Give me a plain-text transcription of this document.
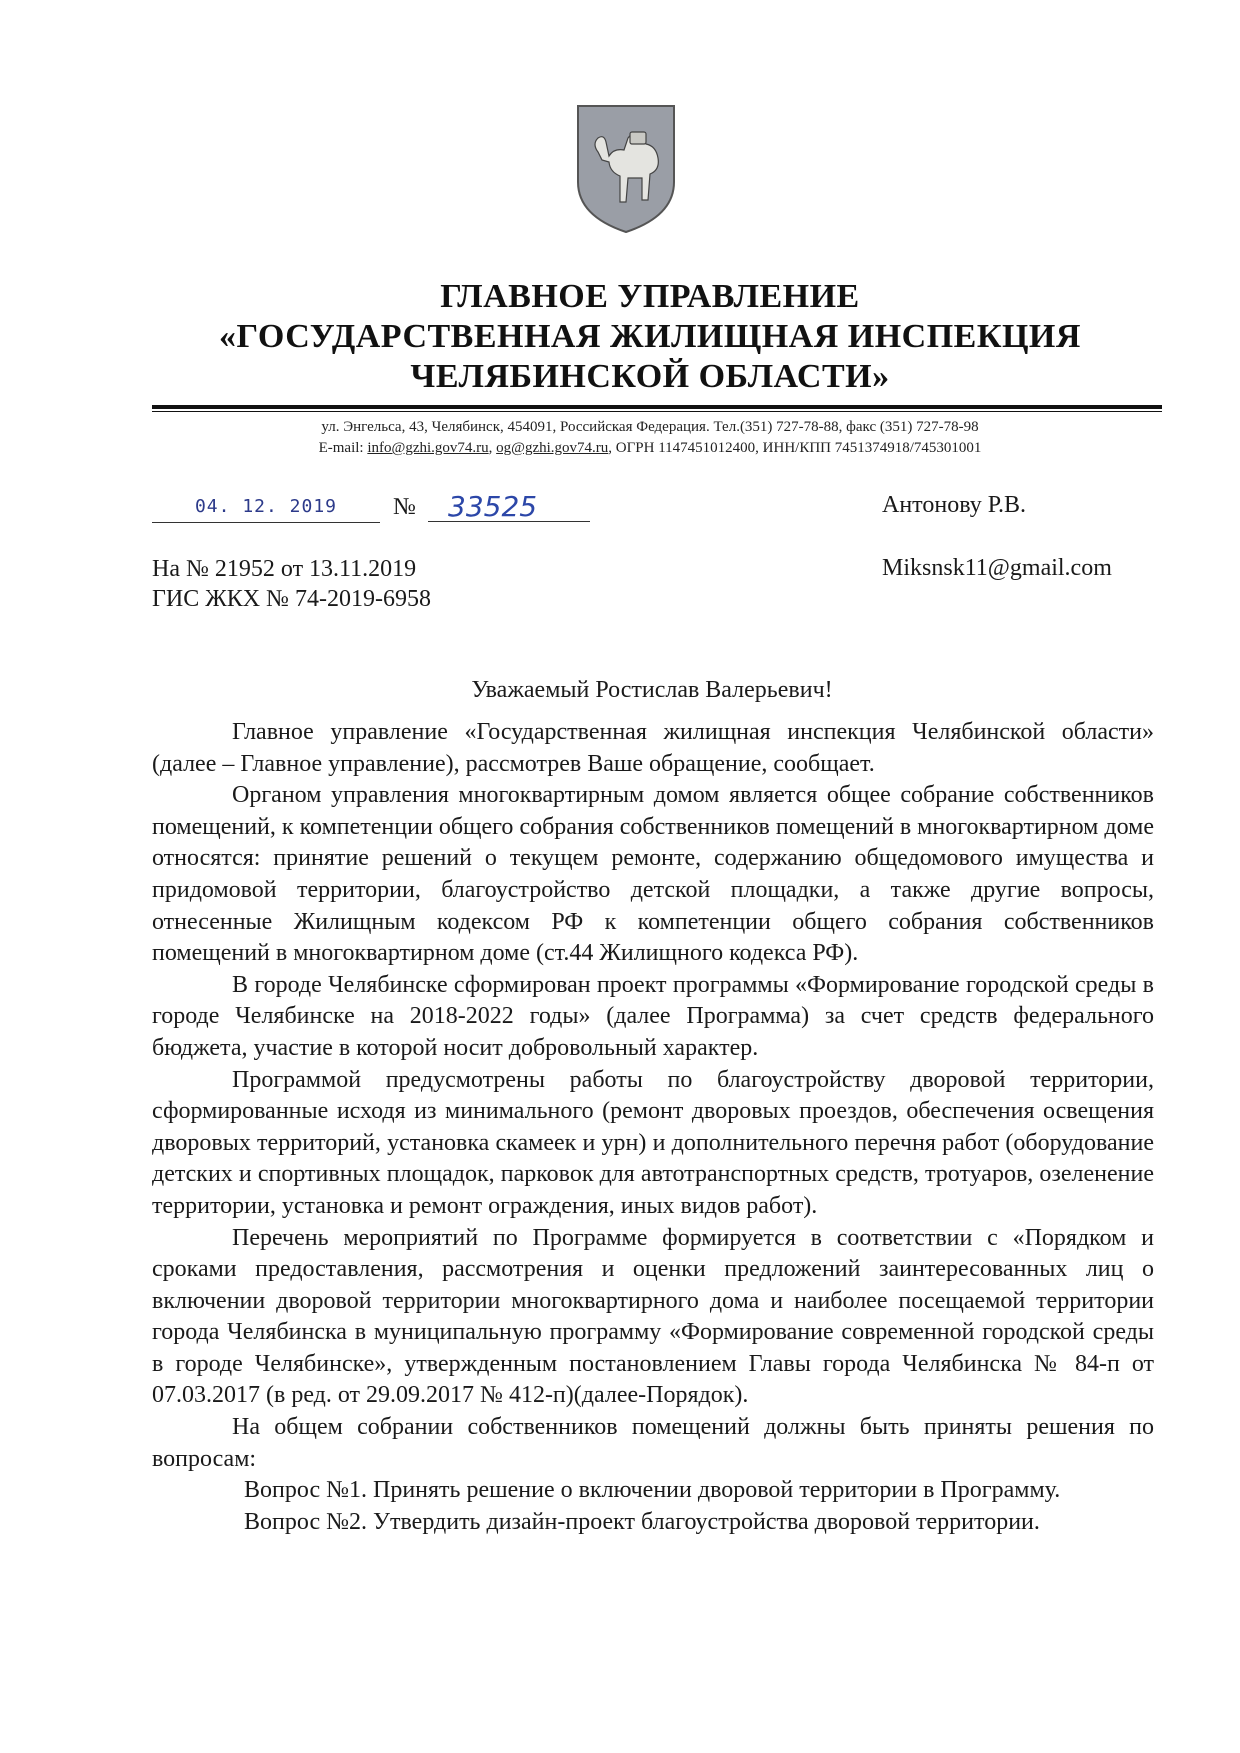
ГЛАВНОЕ УПРАВЛЕНИЕ
«ГОСУДАРСТВЕННАЯ ЖИЛИЩНАЯ ИНСПЕКЦИЯ
ЧЕЛЯБИНСКОЙ ОБЛАСТИ»
ул. Энгельса, 43, Челябинск, 454091, Российская Федерация. Тел.(351) 727-78-88, факс (351) 727-78-98
E-mail: info@gzhi.gov74.ru, og@gzhi.gov74.ru, ОГРН 1147451012400, ИНН/КПП 7451374918/745301001
04. 12. 2019	№	33525	Антонову Р.В.
Miksnsk11@gmail.com
На № 21952 от 13.11.2019
ГИС ЖКХ № 74-2019-6958
Уважаемый Ростислав Валерьевич!

Главное управление «Государственная жилищная инспекция Челябинской области» (далее – Главное управление), рассмотрев Ваше обращение, сообщает.

Органом управления многоквартирным домом является общее собрание собственников помещений, к компетенции общего собрания собственников помещений в многоквартирном доме относятся: принятие решений о текущем ремонте, содержанию общедомового имущества и придомовой территории, благоустройство детской площадки, а также другие вопросы, отнесенные Жилищным кодексом РФ к компетенции общего собрания собственников помещений в многоквартирном доме (ст.44 Жилищного кодекса РФ).

В городе Челябинске сформирован проект программы «Формирование городской среды в городе Челябинске на 2018-2022 годы» (далее Программа) за счет средств федерального бюджета, участие в которой носит добровольный характер.

Программой предусмотрены работы по благоустройству дворовой территории, сформированные исходя из минимального (ремонт дворовых проездов, обеспечения освещения дворовых территорий, установка скамеек и урн) и дополнительного перечня работ (оборудование детских и спортивных площадок, парковок для автотранспортных средств, тротуаров, озеленение территории, установка и ремонт ограждения, иных видов работ).

Перечень мероприятий по Программе формируется в соответствии с «Порядком и сроками предоставления, рассмотрения и оценки предложений заинтересованных лиц о включении дворовой территории многоквартирного дома и наиболее посещаемой территории города Челябинска в муниципальную программу «Формирование современной городской среды в городе Челябинске», утвержденным постановлением Главы города Челябинска № 84-п от 07.03.2017 (в ред. от 29.09.2017 № 412-п)(далее-Порядок).

На общем собрании собственников помещений должны быть приняты решения по вопросам:

Вопрос №1. Принять решение о включении дворовой территории в Программу.

Вопрос №2. Утвердить дизайн-проект благоустройства дворовой территории.
